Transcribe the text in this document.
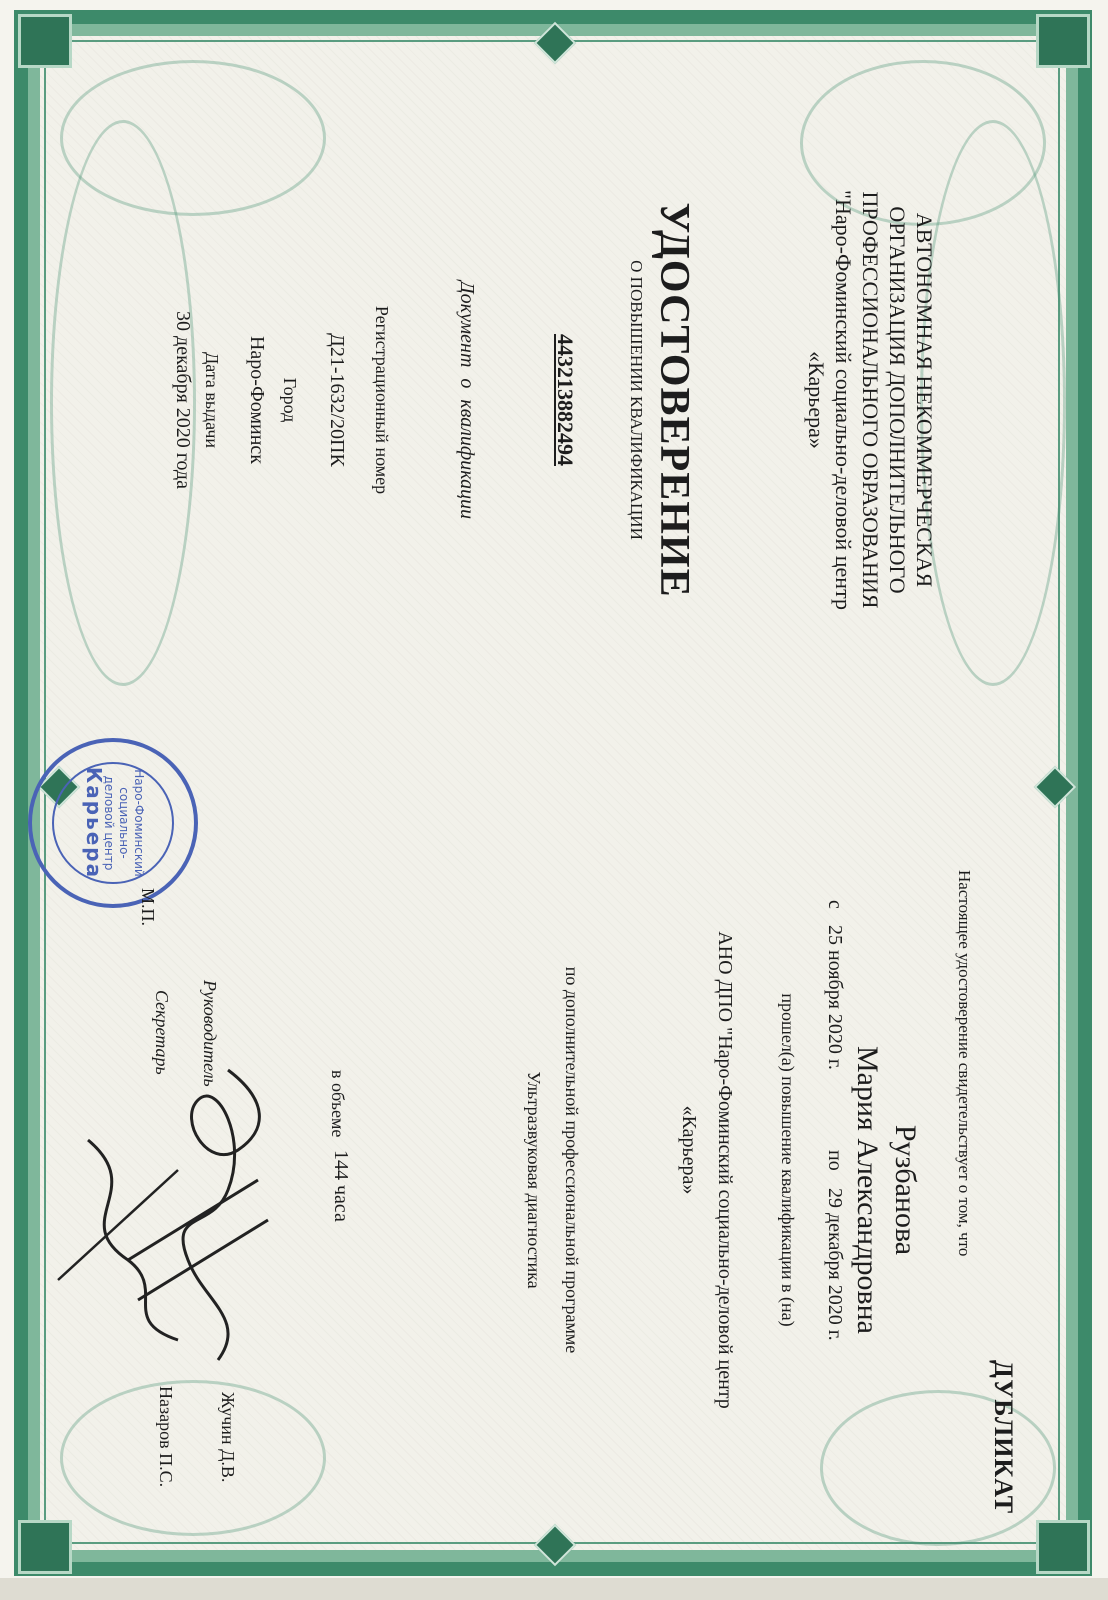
АВТОНОМНАЯ НЕКОММЕРЧЕСКАЯ
ОРГАНИЗАЦИЯ ДОПОЛНИТЕЛЬНОГО
ПРОФЕССИОНАЛЬНОГО ОБРАЗОВАНИЯ
"Наро-Фоминский социально-деловой центр
«Карьера»
УДОСТОВЕРЕНИЕ
О ПОВЫШЕНИИ КВАЛИФИКАЦИИ
443213882494
Документ о квалификации
Регистрационный номер
Д21-1632/20ПК
Город
Наро-Фоминск
Дата выдачи
30 декабря 2020 года
Настоящее удостоверение свидетельствует о том, что
ДУБЛИКАТ
Рузбанова
Мария Александровна
с
25 ноября 2020 г.
по
29 декабря 2020 г.
прошел(а) повышение квалификации в (на)
АНО ДПО "Наро-Фоминский социально-деловой центр
«Карьера»
по дополнительной профессиональной программе
Ультразвуковая диагностика
в объеме
144 часа
Руководитель
Жучин Д.В.
Секретарь
Назаров П.С.
Наро-Фоминский
социально-
деловой центр
Карьера
М.П.
